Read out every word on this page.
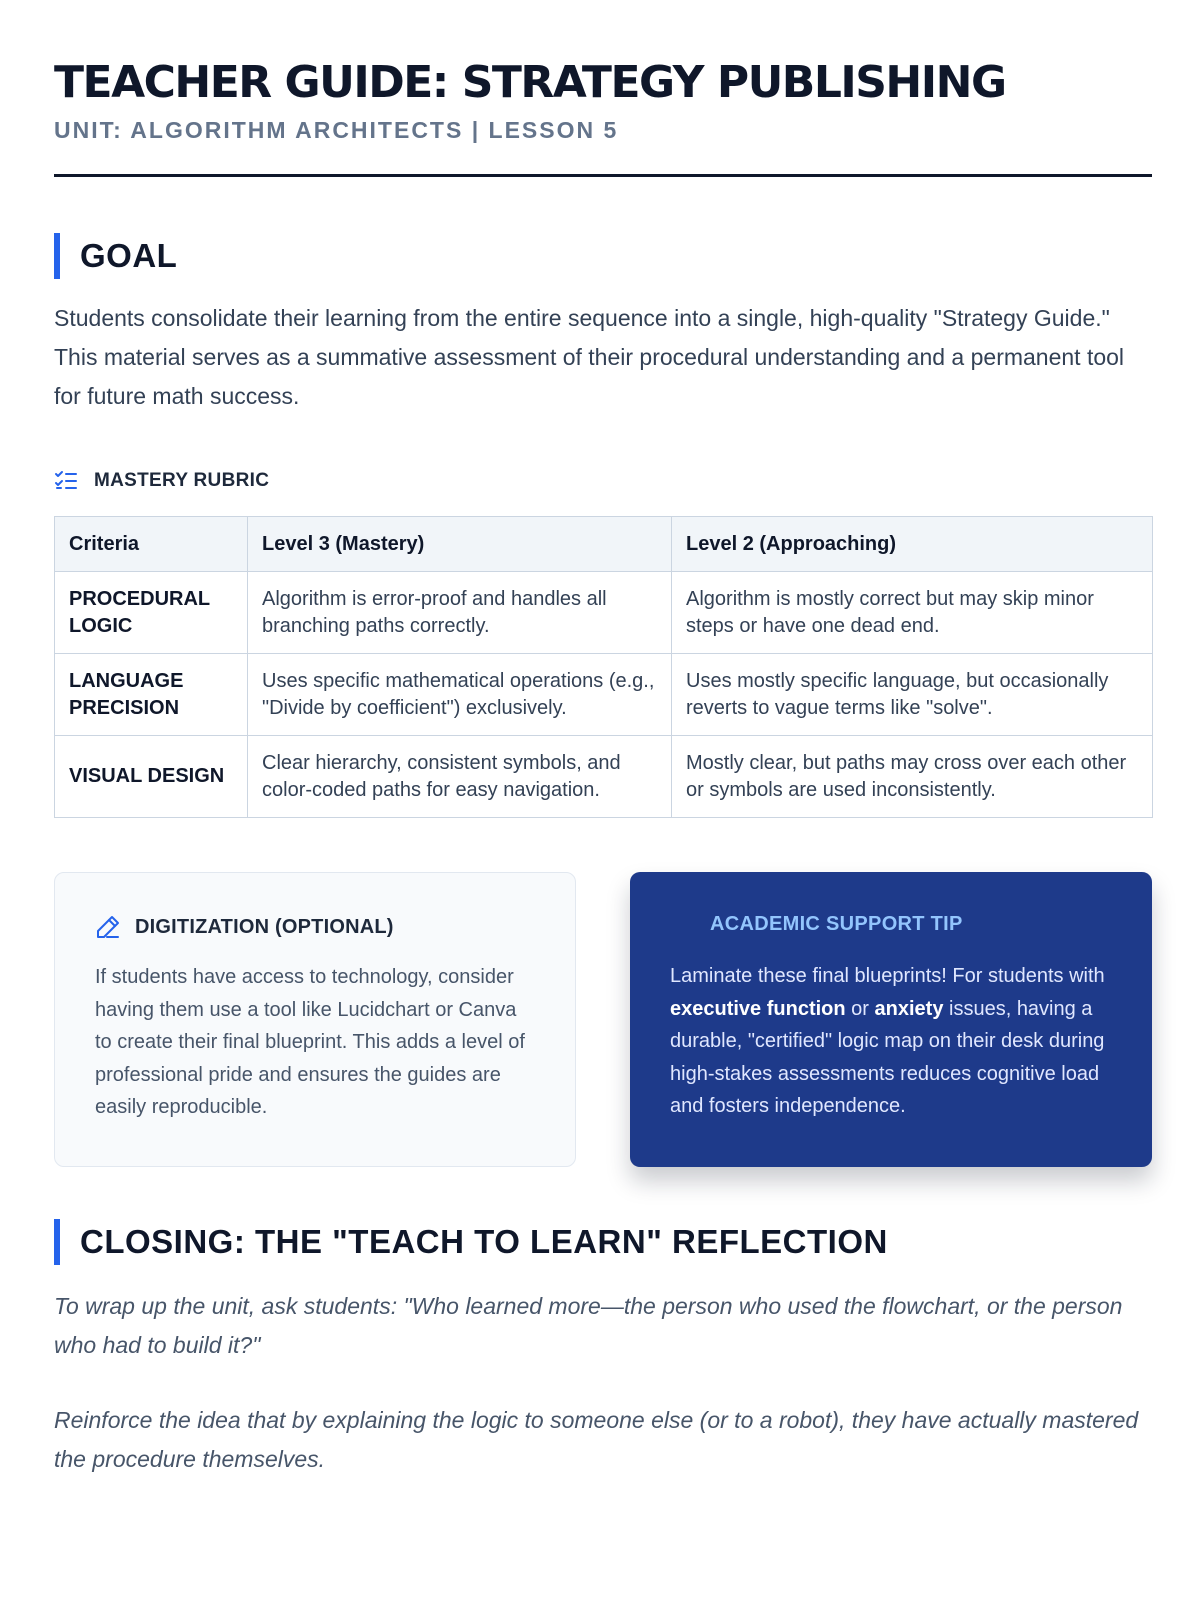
TEACHER GUIDE: STRATEGY PUBLISHING
UNIT: ALGORITHM ARCHITECTS | LESSON 5
GOAL

Students consolidate their learning from the entire sequence into a single, high-quality "Strategy Guide." This material serves as a summative assessment of their procedural understanding and a permanent tool for future math success.

MASTERY RUBRIC
Criteria	Level 3 (Mastery)	Level 2 (Approaching)
PROCEDURAL LOGIC	Algorithm is error-proof and handles all branching paths correctly.	Algorithm is mostly correct but may skip minor steps or have one dead end.
LANGUAGE PRECISION	Uses specific mathematical operations (e.g., "Divide by coefficient") exclusively.	Uses mostly specific language, but occasionally reverts to vague terms like "solve".
VISUAL DESIGN	Clear hierarchy, consistent symbols, and color-coded paths for easy navigation.	Mostly clear, but paths may cross over each other or symbols are used inconsistently.
DIGITIZATION (OPTIONAL)

If students have access to technology, consider having them use a tool like Lucidchart or Canva to create their final blueprint. This adds a level of professional pride and ensures the guides are easily reproducible.

ACADEMIC SUPPORT TIP

Laminate these final blueprints! For students with executive function or anxiety issues, having a durable, "certified" logic map on their desk during high-stakes assessments reduces cognitive load and fosters independence.

CLOSING: THE "TEACH TO LEARN" REFLECTION

To wrap up the unit, ask students: "Who learned more—the person who used the flowchart, or the person who had to build it?"

Reinforce the idea that by explaining the logic to someone else (or to a robot), they have actually mastered the procedure themselves.
